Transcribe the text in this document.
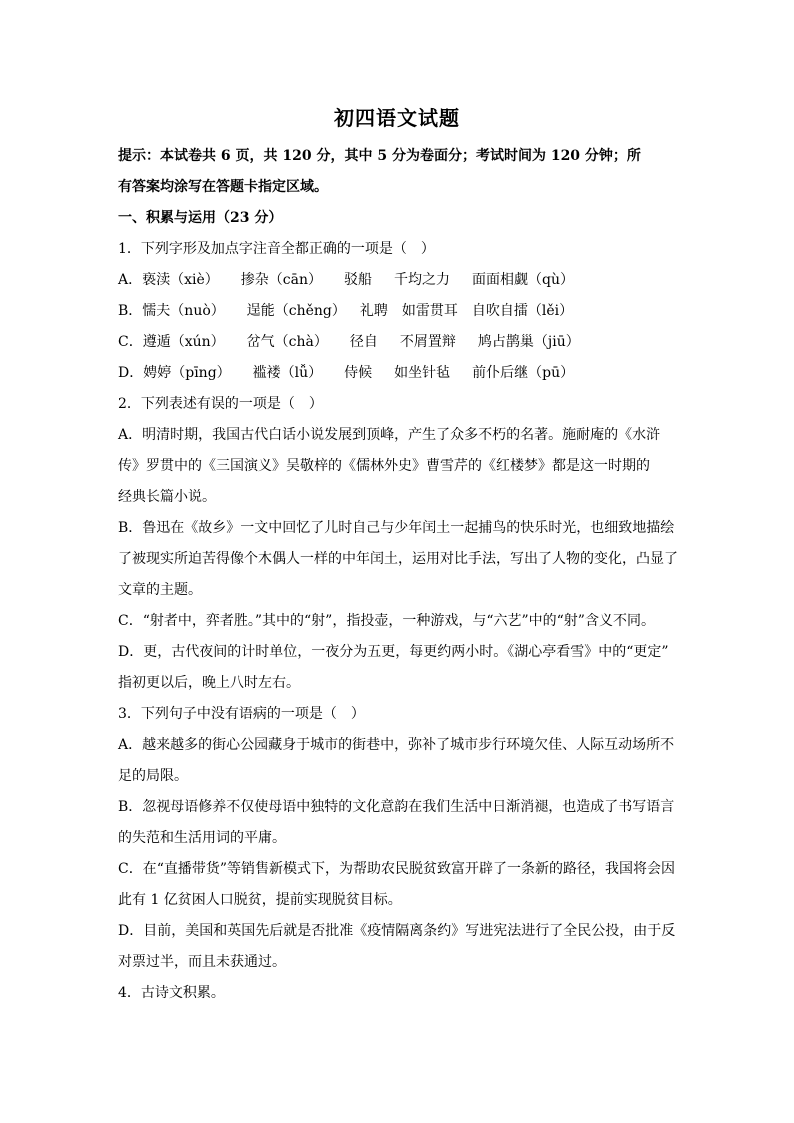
初四语文试题
提示：本试卷共 6 页，共 120 分，其中 5 分为卷面分；考试时间为 120 分钟；所
有答案均涂写在答题卡指定区域。
一、积累与运用（23 分）
1．下列字形及加点字注音全都正确的一项是（　）
A．亵渎（xiè） 掺杂（cān） 驳船 千均之力 面面相觑（qù）
B．懦夫（nuò） 逞能（chěng） 礼聘 如雷贯耳 自吹自擂（lěi）
C．遵遁（xún） 岔气（chà） 径自 不屑置辩 鸠占鹊巢（jiū）
D．娉婷（pīng） 褴褛（lǚ） 侍候 如坐针毡 前仆后继（pū）
2．下列表述有误的一项是（　）
A．明清时期，我国古代白话小说发展到顶峰，产生了众多不朽的名著。施耐庵的《水浒
传》罗贯中的《三国演义》吴敬梓的《儒林外史》曹雪芹的《红楼梦》都是这一时期的
经典长篇小说。
B．鲁迅在《故乡》一文中回忆了儿时自己与少年闰土一起捕鸟的快乐时光，也细致地描绘
了被现实所迫苦得像个木偶人一样的中年闰土，运用对比手法，写出了人物的变化，凸显了
文章的主题。
C．“射者中，弈者胜。”其中的“射”，指投壶，一种游戏，与“六艺”中的“射”含义不同。
D．更，古代夜间的计时单位，一夜分为五更，每更约两小时。《湖心亭看雪》中的“更定”
指初更以后，晚上八时左右。
3．下列句子中没有语病的一项是（　）
A．越来越多的街心公园藏身于城市的街巷中，弥补了城市步行环境欠佳、人际互动场所不
足的局限。
B．忽视母语修养不仅使母语中独特的文化意韵在我们生活中日渐消褪，也造成了书写语言
的失范和生活用词的平庸。
C．在“直播带货”等销售新模式下，为帮助农民脱贫致富开辟了一条新的路径，我国将会因
此有 1 亿贫困人口脱贫，提前实现脱贫目标。
D．目前，美国和英国先后就是否批准《疫情隔离条约》写进宪法进行了全民公投，由于反
对票过半，而且未获通过。
4．古诗文积累。
